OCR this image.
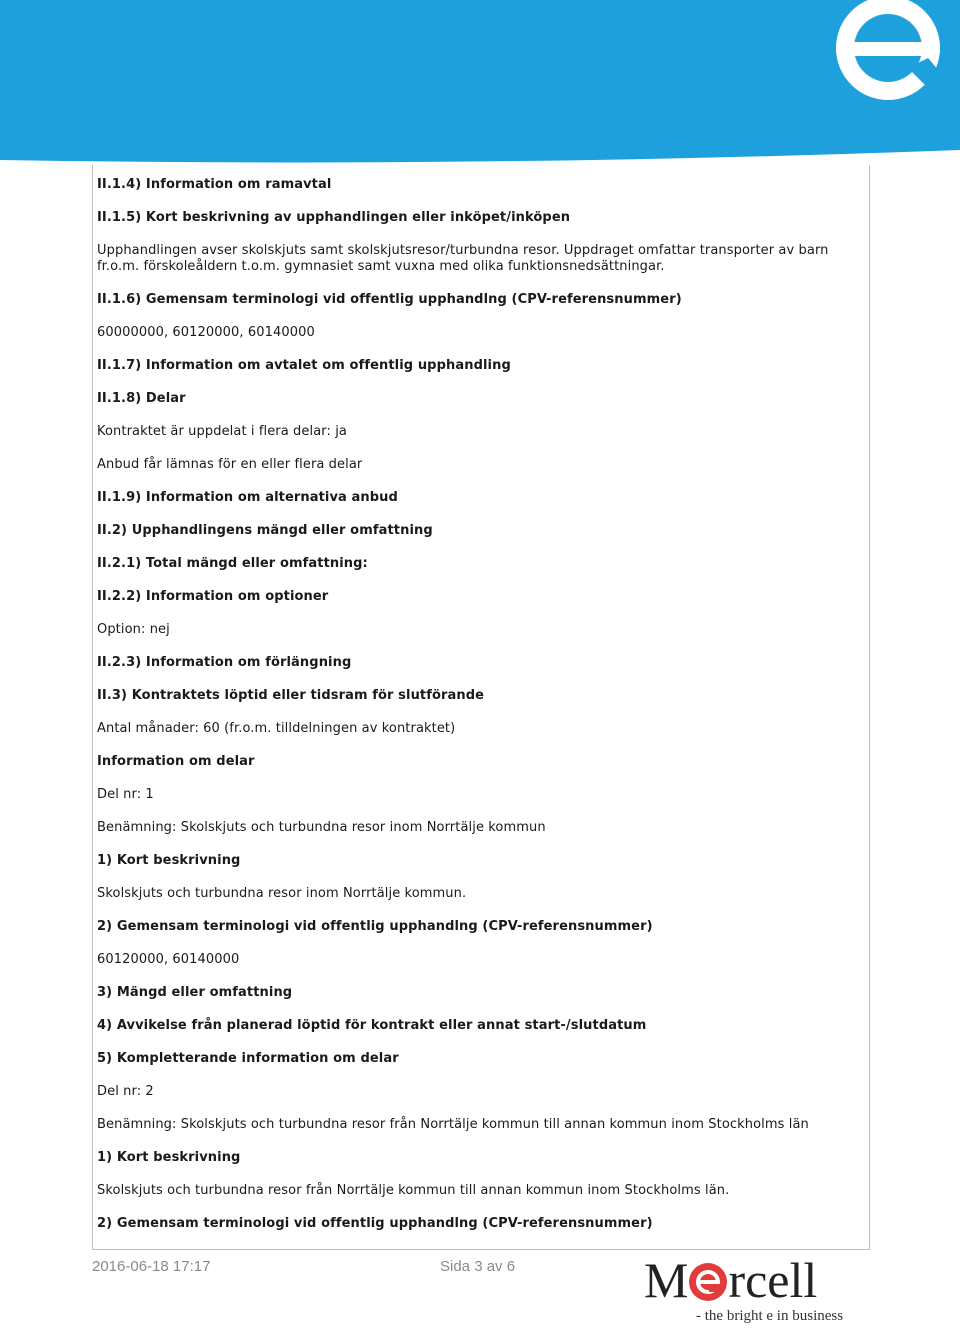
II.1.4) Information om ramavtal

II.1.5) Kort beskrivning av upphandlingen eller inköpet/inköpen

Upphandlingen avser skolskjuts samt skolskjutsresor/turbundna resor. Uppdraget omfattar transporter av barn fr.o.m. förskoleåldern t.o.m. gymnasiet samt vuxna med olika funktionsnedsättningar.

II.1.6) Gemensam terminologi vid offentlig upphandlng (CPV-referensnummer)

60000000, 60120000, 60140000

II.1.7) Information om avtalet om offentlig upphandling

II.1.8) Delar

Kontraktet är uppdelat i flera delar: ja

Anbud får lämnas för en eller flera delar

II.1.9) Information om alternativa anbud

II.2) Upphandlingens mängd eller omfattning

II.2.1) Total mängd eller omfattning:

II.2.2) Information om optioner

Option: nej

II.2.3) Information om förlängning

II.3) Kontraktets löptid eller tidsram för slutförande

Antal månader: 60 (fr.o.m. tilldelningen av kontraktet)

Information om delar

Del nr: 1

Benämning: Skolskjuts och turbundna resor inom Norrtälje kommun

1) Kort beskrivning

Skolskjuts och turbundna resor inom Norrtälje kommun.

2) Gemensam terminologi vid offentlig upphandlng (CPV-referensnummer)

60120000, 60140000

3) Mängd eller omfattning

4) Avvikelse från planerad löptid för kontrakt eller annat start-/slutdatum

5) Kompletterande information om delar

Del nr: 2

Benämning: Skolskjuts och turbundna resor från Norrtälje kommun till annan kommun inom Stockholms län

1) Kort beskrivning

Skolskjuts och turbundna resor från Norrtälje kommun till annan kommun inom Stockholms län.

2) Gemensam terminologi vid offentlig upphandlng (CPV-referensnummer)

2016-06-18 17:17	Sida 3 av 6	M rcell
- the bright e in business
